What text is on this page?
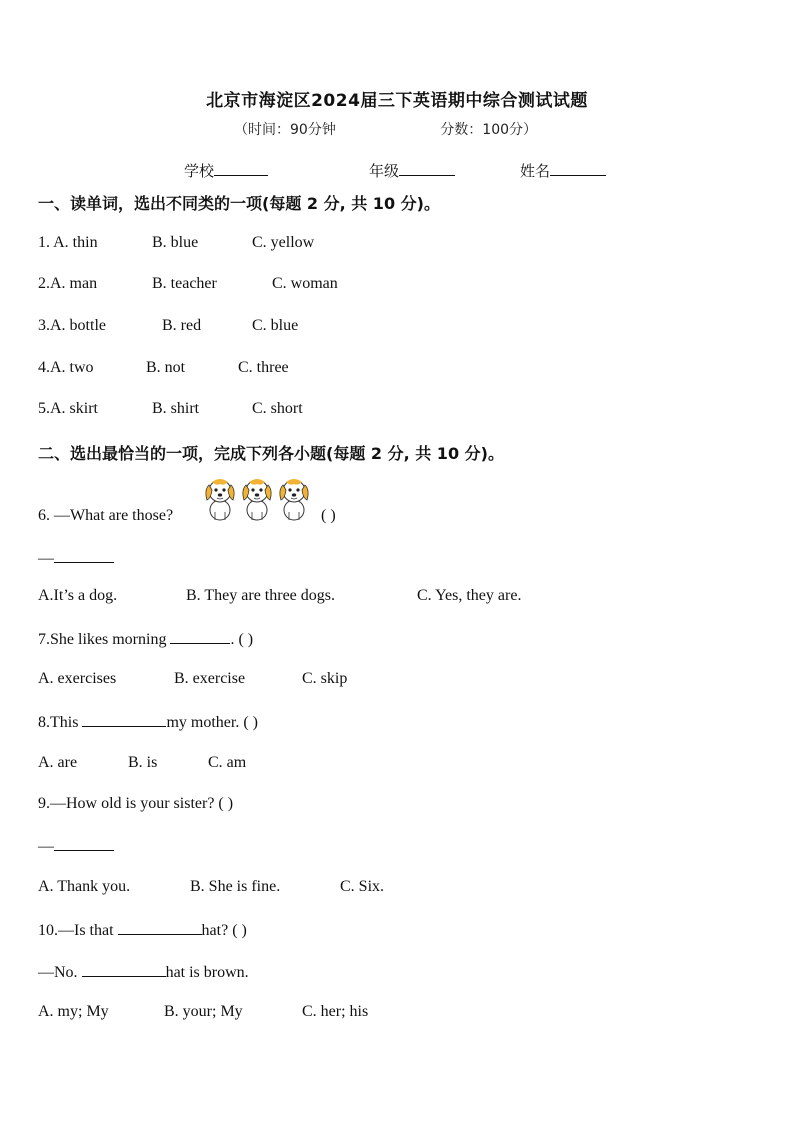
北京市海淀区2024届三下英语期中综合测试试题
（时间：90分钟	分数：100分）
学校	年级	姓名
一、读单词，选出不同类的一项(每题 2 分, 共 10 分)。
1. A. thin	B. blue	C. yellow
2.A. man	B. teacher	C. woman
3.A. bottle	B. red	C. blue
4.A. two	B. not	C. three
5.A. skirt	B. shirt	C. short
二、选出最恰当的一项，完成下列各小题(每题 2 分, 共 10 分)。
6. —What are those?	( )
—
A.It’s a dog.	B. They are three dogs.	C. Yes, they are.
7.She likes morning	. ( )
A. exercises	B. exercise	C. skip
8.This	my mother. ( )
A. are	B. is	C. am
9.—How old is your sister? ( )
—
A. Thank you.	B. She is fine.	C. Six.
10.—Is that	hat? ( )
—No.	hat is brown.
A. my; My	B. your; My	C. her; his
